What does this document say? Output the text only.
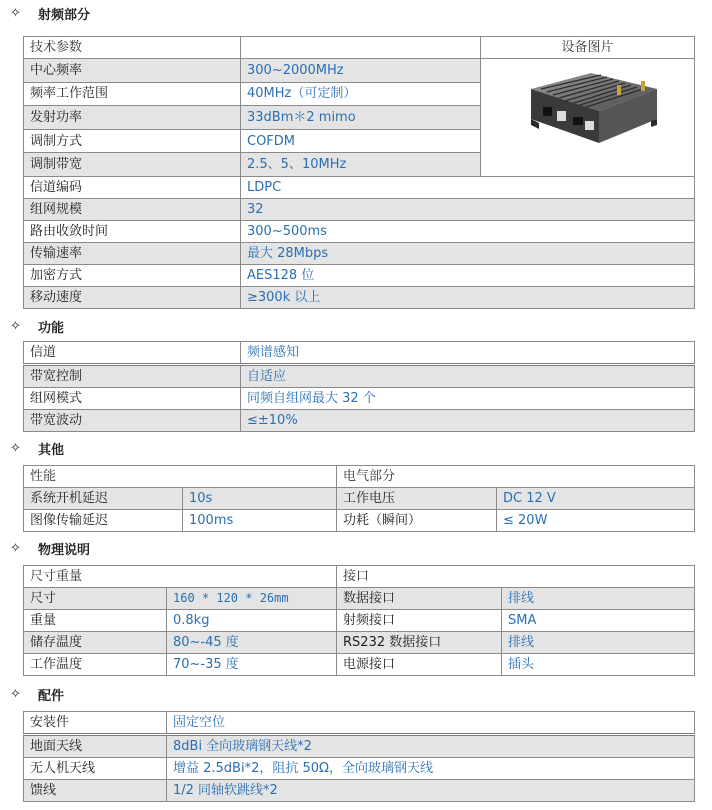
✧	射频部分
技术参数		设备图片
中心频率	300~2000MHz	
频率工作范围	40MHz（可定制）	
发射功率	33dBm＊2 mimo	
调制方式	COFDM	
调制带宽	2.5、5、10MHz	
信道编码	LDPC	
组网规模	32	
路由收敛时间	300~500ms	
传输速率	最大 28Mbps	
加密方式	AES128 位	
移动速度	≥300k 以上	
✧	功能
信道	频谱感知
带宽控制	自适应
组网模式	同频自组网最大 32 个
带宽波动	≤±10%
✧	其他
性能		电气部分	
系统开机延迟	10s	工作电压	DC 12 V
图像传输延迟	100ms	功耗（瞬间）	≤ 20W
✧	物理说明
尺寸重量		接口	
尺寸	160 * 120 * 26mm	数据接口	排线
重量	0.8kg	射频接口	SMA
储存温度	80~-45 度	RS232 数据接口	排线
工作温度	70~-35 度	电源接口	插头
✧	配件
安装件	固定空位
地面天线	8dBi 全向玻璃钢天线*2
无人机天线	增益 2.5dBi*2，阻抗 50Ω，全向玻璃钢天线
馈线	1/2 同轴软跳线*2
